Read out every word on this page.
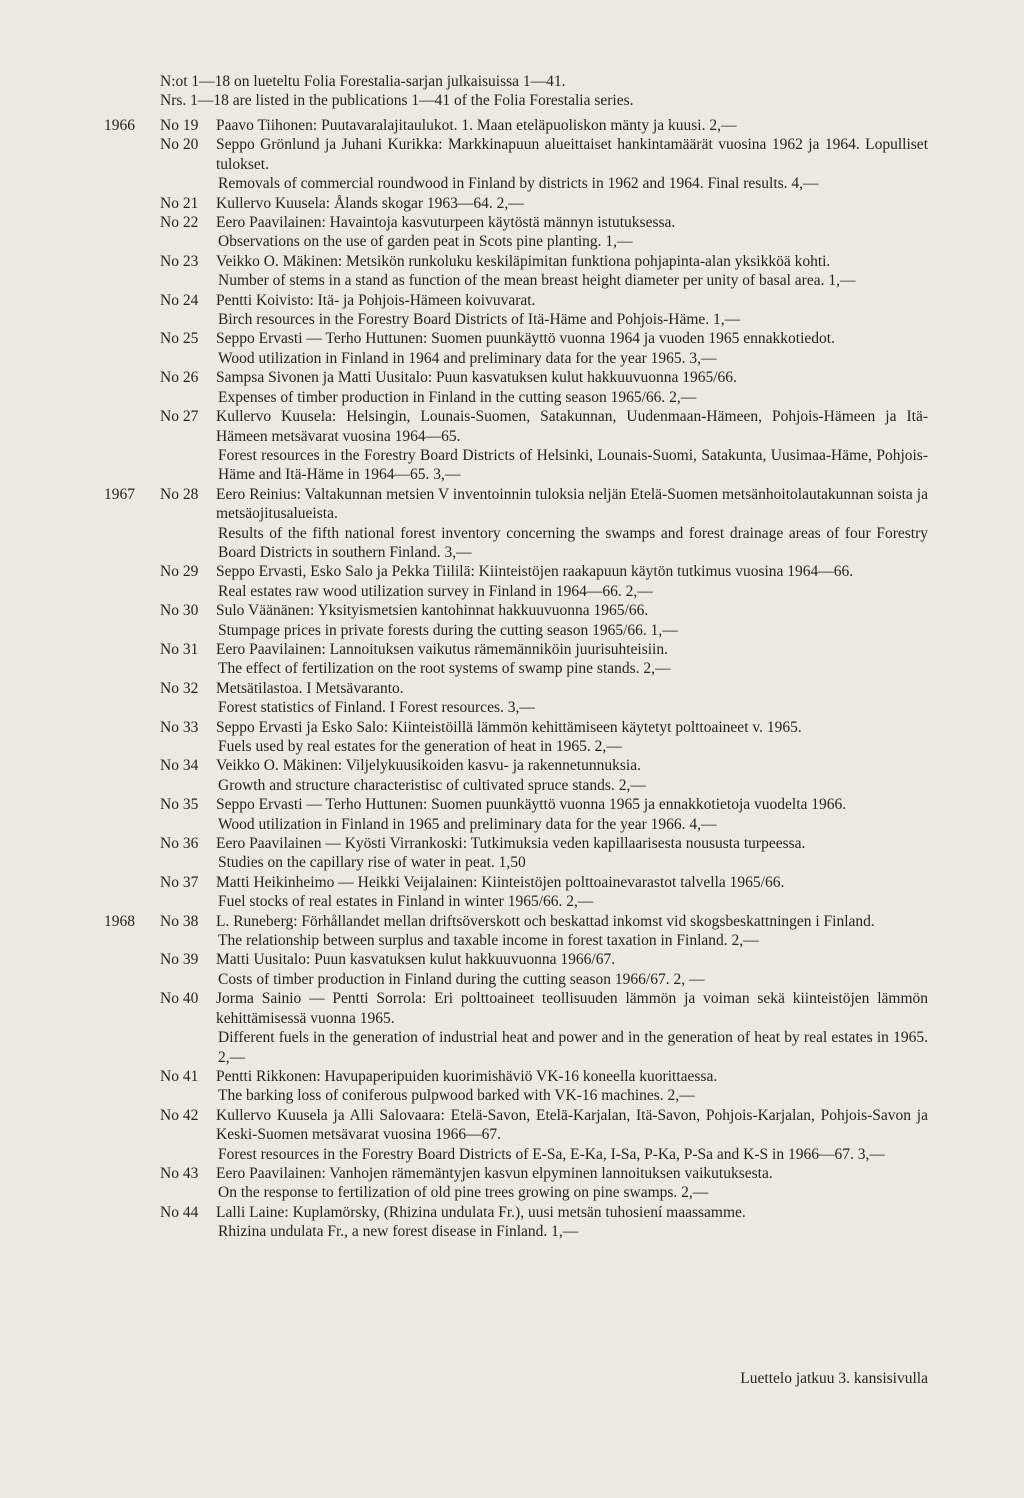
N:ot 1—18 on lueteltu Folia Forestalia-sarjan julkaisuissa 1—41.
Nrs. 1—18 are listed in the publications 1—41 of the Folia Forestalia series.
1966 No 19 Paavo Tiihonen: Puutavaralajitaulukot. 1. Maan eteläpuoliskon mänty ja kuusi. 2,—
No 20 Seppo Grönlund ja Juhani Kurikka: Markkinapuun alueittaiset hankintamäärät vuosina 1962 ja 1964. Lopulliset tulokset.
Removals of commercial roundwood in Finland by districts in 1962 and 1964. Final results. 4,—
No 21 Kullervo Kuusela: Ålands skogar 1963—64. 2,—
No 22 Eero Paavilainen: Havaintoja kasvuturpeen käytöstä männyn istutuksessa.
Observations on the use of garden peat in Scots pine planting. 1,—
No 23 Veikko O. Mäkinen: Metsikön runkoluku keskiläpimitan funktiona pohjapinta-alan yksikköä kohti.
Number of stems in a stand as function of the mean breast height diameter per unity of basal area. 1,—
No 24 Pentti Koivisto: Itä- ja Pohjois-Hämeen koivuvarat.
Birch resources in the Forestry Board Districts of Itä-Häme and Pohjois-Häme. 1,—
No 25 Seppo Ervasti — Terho Huttunen: Suomen puunkäyttö vuonna 1964 ja vuoden 1965 ennakkotiedot.
Wood utilization in Finland in 1964 and preliminary data for the year 1965. 3,—
No 26 Sampsa Sivonen ja Matti Uusitalo: Puun kasvatuksen kulut hakkuuvuonna 1965/66.
Expenses of timber production in Finland in the cutting season 1965/66. 2,—
No 27 Kullervo Kuusela: Helsingin, Lounais-Suomen, Satakunnan, Uudenmaan-Hämeen, Pohjois-Hämeen ja Itä-Hämeen metsävarat vuosina 1964—65.
Forest resources in the Forestry Board Districts of Helsinki, Lounais-Suomi, Satakunta, Uusimaa-Häme, Pohjois-Häme and Itä-Häme in 1964—65. 3,—
1967 No 28 Eero Reinius: Valtakunnan metsien V inventoinnin tuloksia neljän Etelä-Suomen metsänhoitolautakunnan soista ja metsäojitusalueista.
Results of the fifth national forest inventory concerning the swamps and forest drainage areas of four Forestry Board Districts in southern Finland. 3,—
No 29 Seppo Ervasti, Esko Salo ja Pekka Tiililä: Kiinteistöjen raakapuun käytön tutkimus vuosina 1964—66.
Real estates raw wood utilization survey in Finland in 1964—66. 2,—
No 30 Sulo Väänänen: Yksityismetsien kantohinnat hakkuuvuonna 1965/66.
Stumpage prices in private forests during the cutting season 1965/66. 1,—
No 31 Eero Paavilainen: Lannoituksen vaikutus rämemänniköin juurisuhteisiin.
The effect of fertilization on the root systems of swamp pine stands. 2,—
No 32 Metsätilastoa. I Metsävaranto.
Forest statistics of Finland. I Forest resources. 3,—
No 33 Seppo Ervasti ja Esko Salo: Kiinteistöillä lämmön kehittämiseen käytetyt polttoaineet v. 1965.
Fuels used by real estates for the generation of heat in 1965. 2,—
No 34 Veikko O. Mäkinen: Viljelykuusikoiden kasvu- ja rakennetunnuksia.
Growth and structure characteristisc of cultivated spruce stands. 2,—
No 35 Seppo Ervasti — Terho Huttunen: Suomen puunkäyttö vuonna 1965 ja ennakkotietoja vuodelta 1966.
Wood utilization in Finland in 1965 and preliminary data for the year 1966. 4,—
No 36 Eero Paavilainen — Kyösti Virrankoski: Tutkimuksia veden kapillaarisesta noususta turpeessa.
Studies on the capillary rise of water in peat. 1,50
No 37 Matti Heikinheimo — Heikki Veijalainen: Kiinteistöjen polttoainevarastot talvella 1965/66.
Fuel stocks of real estates in Finland in winter 1965/66. 2,—
1968 No 38 L. Runeberg: Förhållandet mellan driftsöverskott och beskattad inkomst vid skogsbeskattningen i Finland.
The relationship between surplus and taxable income in forest taxation in Finland. 2,—
No 39 Matti Uusitalo: Puun kasvatuksen kulut hakkuuvuonna 1966/67.
Costs of timber production in Finland during the cutting season 1966/67. 2, —
No 40 Jorma Sainio — Pentti Sorrola: Eri polttoaineet teollisuuden lämmön ja voiman sekä kiinteistöjen lämmön kehittämisessä vuonna 1965.
Different fuels in the generation of industrial heat and power and in the generation of heat by real estates in 1965. 2,—
No 41 Pentti Rikkonen: Havupaperipuiden kuorimishäviö VK-16 koneella kuorittaessa.
The barking loss of coniferous pulpwood barked with VK-16 machines. 2,—
No 42 Kullervo Kuusela ja Alli Salovaara: Etelä-Savon, Etelä-Karjalan, Itä-Savon, Pohjois-Karjalan, Pohjois-Savon ja Keski-Suomen metsävarat vuosina 1966—67.
Forest resources in the Forestry Board Districts of E-Sa, E-Ka, I-Sa, P-Ka, P-Sa and K-S in 1966—67. 3,—
No 43 Eero Paavilainen: Vanhojen rämemäntyjen kasvun elpyminen lannoituksen vaikutuksesta.
On the response to fertilization of old pine trees growing on pine swamps. 2,—
No 44 Lalli Laine: Kuplamörsky, (Rhizina undulata Fr.), uusi metsän tuhosiení maassamme.
Rhizina undulata Fr., a new forest disease in Finland. 1,—
Luettelo jatkuu 3. kansisivulla
